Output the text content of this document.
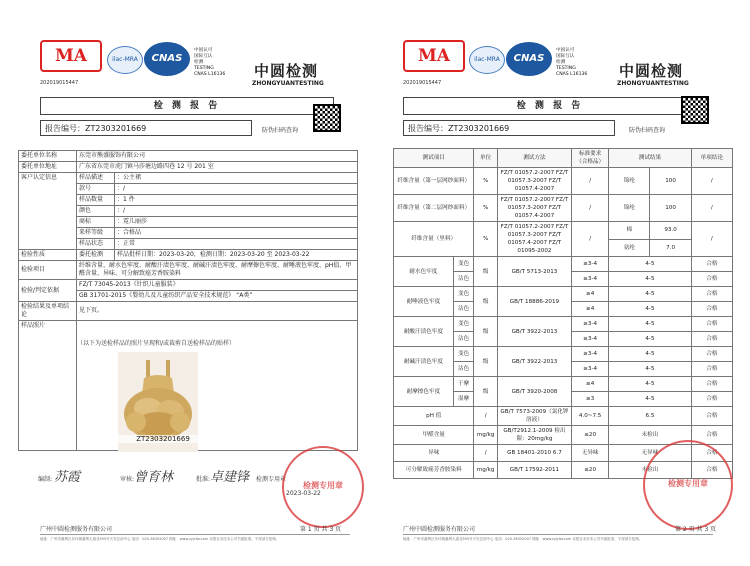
MA
202019015447
ilac-MRA	CNAS
中国认可
国际互认
检测
TESTING
CNAS L16136 中圆检测
ZHONGYUANTESTING
检 测 报 告
报告编号：ZT2303201669	防伪扫码查询
委托单位名称	东莞市熊盛服饰有限公司	
委托单位地址	广东省东莞市虎门镇马莎塘边路四巷 12 号 201 室	
客户认定信息	样品描述	：公主裙
	款号	：/
	样品数量	：1 件
	颜色	：/
	商标	：霓儿丽莎
	来样等级	：合格品
	样品状态	：正常
检验性质	委托检测	样品批样日期：2023-03-20，检测日期：2023-03-20 至 2023-03-22
检验项目	纤维含量、耐水色牢度、耐酸汗渍色牢度、耐碱汗渍色牢度、耐摩擦色牢度、耐唾液色牢度、pH值、甲醛含量、异味、可分解致癌芳香胺染料	
检验/判定依据	FZ/T 73045-2013《针织儿童服装》	
	GB 31701-2015《婴幼儿及儿童纺织产品安全技术规范》 “A类”	
检验结果及单项结论	见下页。	
样品照片		
（以下为送检样品的照片呈现和/或裁剪自送检样品的贴样）
ZT2303201669
编制: 苏霞	审核: 曾育林	批准: 卓建锋 检测专用章
2023-03-22
检测专用章
广州中圆检测服务有限公司	第 1 页 共 3 页
地址：广州市番禺区东环街番禺大道北555号天安总部中心 电话：020-36352007 网址：www.zyjcfw.com 本报告未经本公司书面批准，不得部分复制。
MA
202019015447
ilac-MRA	CNAS
中国认可
国际互认
检测
TESTING
CNAS L16136 中圆检测
ZHONGYUANTESTING
检 测 报 告
报告编号：ZT2303201669	防伪扫码查询
测试项目		单位	测试方法	标准要求（合格品）	测试结果		单项结论
纤维含量（第一层网纱面料）		%	FZ/T 01057.2-2007 FZ/T 01057.3-2007 FZ/T 01057.4-2007	/	锦纶	100	/
纤维含量（第二层网纱面料）		%	FZ/T 01057.2-2007 FZ/T 01057.3-2007 FZ/T 01057.4-2007	/	锦纶	100	/
纤维含量（里料）		%	FZ/T 01057.2-2007 FZ/T 01057.3-2007 FZ/T 01057.4-2007 FZ/T 01095-2002	/	棉	93.0	/
					氨纶	7.0	
耐水色牢度	变色	级	GB/T 5713-2013	≥3-4	4-5		合格
	沾色			≥3-4	4-5		合格
耐唾液色牢度	变色	级	GB/T 18886-2019	≥4	4-5		合格
	沾色			≥4	4-5		合格
耐酸汗渍色牢度	变色	级	GB/T 3922-2013	≥3-4	4-5		合格
	沾色			≥3-4	4-5		合格
耐碱汗渍色牢度	变色	级	GB/T 3922-2013	≥3-4	4-5		合格
	沾色			≥3-4	4-5		合格
耐摩擦色牢度	干摩	级	GB/T 3920-2008	≥4	4-5		合格
	湿摩			≥3	4-5		合格
pH 值		/	GB/T 7573-2009（氯化钾溶液）	4.0~7.5	6.5		合格
甲醛含量		mg/kg	GB/T2912.1-2009 检出限：20mg/kg	≤20	未检出		合格
异味		/	GB 18401-2010 6.7	无异味	无异味		合格
可分解致癌芳香胺染料		mg/kg	GB/T 17592-2011	≤20	未检出		合格
检测专用章
广州中圆检测服务有限公司	第 2 页 共 3 页
地址：广州市番禺区东环街番禺大道北555号天安总部中心 电话：020-36352007 网址：www.zyjcfw.com 本报告未经本公司书面批准，不得部分复制。
